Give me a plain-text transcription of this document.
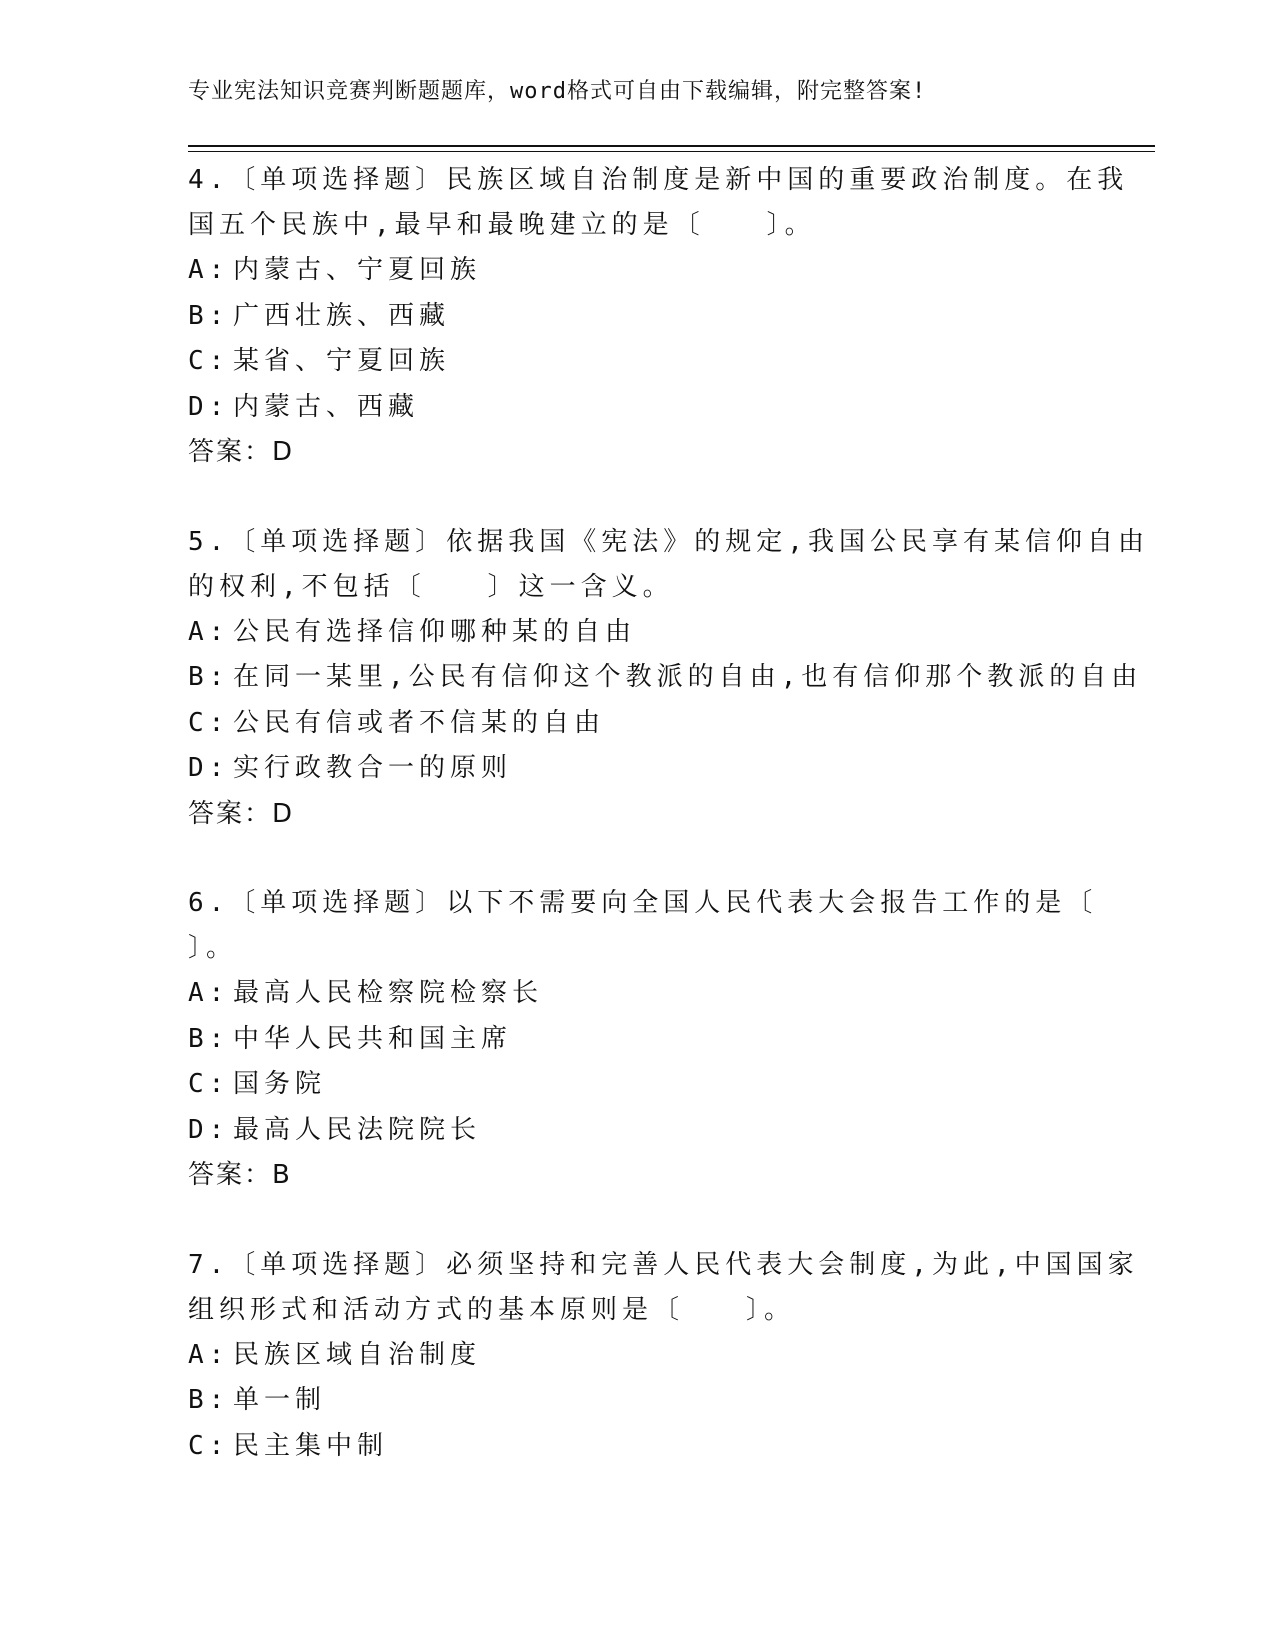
专业宪法知识竞赛判断题题库，word格式可自由下载编辑，附完整答案!
4.〔单项选择题〕民族区域自治制度是新中国的重要政治制度。在我
国五个民族中,最早和最晚建立的是〔　　〕。
A: 内蒙古、宁夏回族
B: 广西壮族、西藏
C: 某省、宁夏回族
D: 内蒙古、西藏
答案：D
5.〔单项选择题〕依据我国《宪法》的规定,我国公民享有某信仰自由
的权利,不包括〔　　〕这一含义。
A: 公民有选择信仰哪种某的自由
B: 在同一某里,公民有信仰这个教派的自由,也有信仰那个教派的自由
C: 公民有信或者不信某的自由
D: 实行政教合一的原则
答案：D
6.〔单项选择题〕以下不需要向全国人民代表大会报告工作的是〔
〕。
A: 最高人民检察院检察长
B: 中华人民共和国主席
C: 国务院
D: 最高人民法院院长
答案：B
7.〔单项选择题〕必须坚持和完善人民代表大会制度,为此,中国国家
组织形式和活动方式的基本原则是〔　　〕。
A: 民族区域自治制度
B: 单一制
C: 民主集中制
